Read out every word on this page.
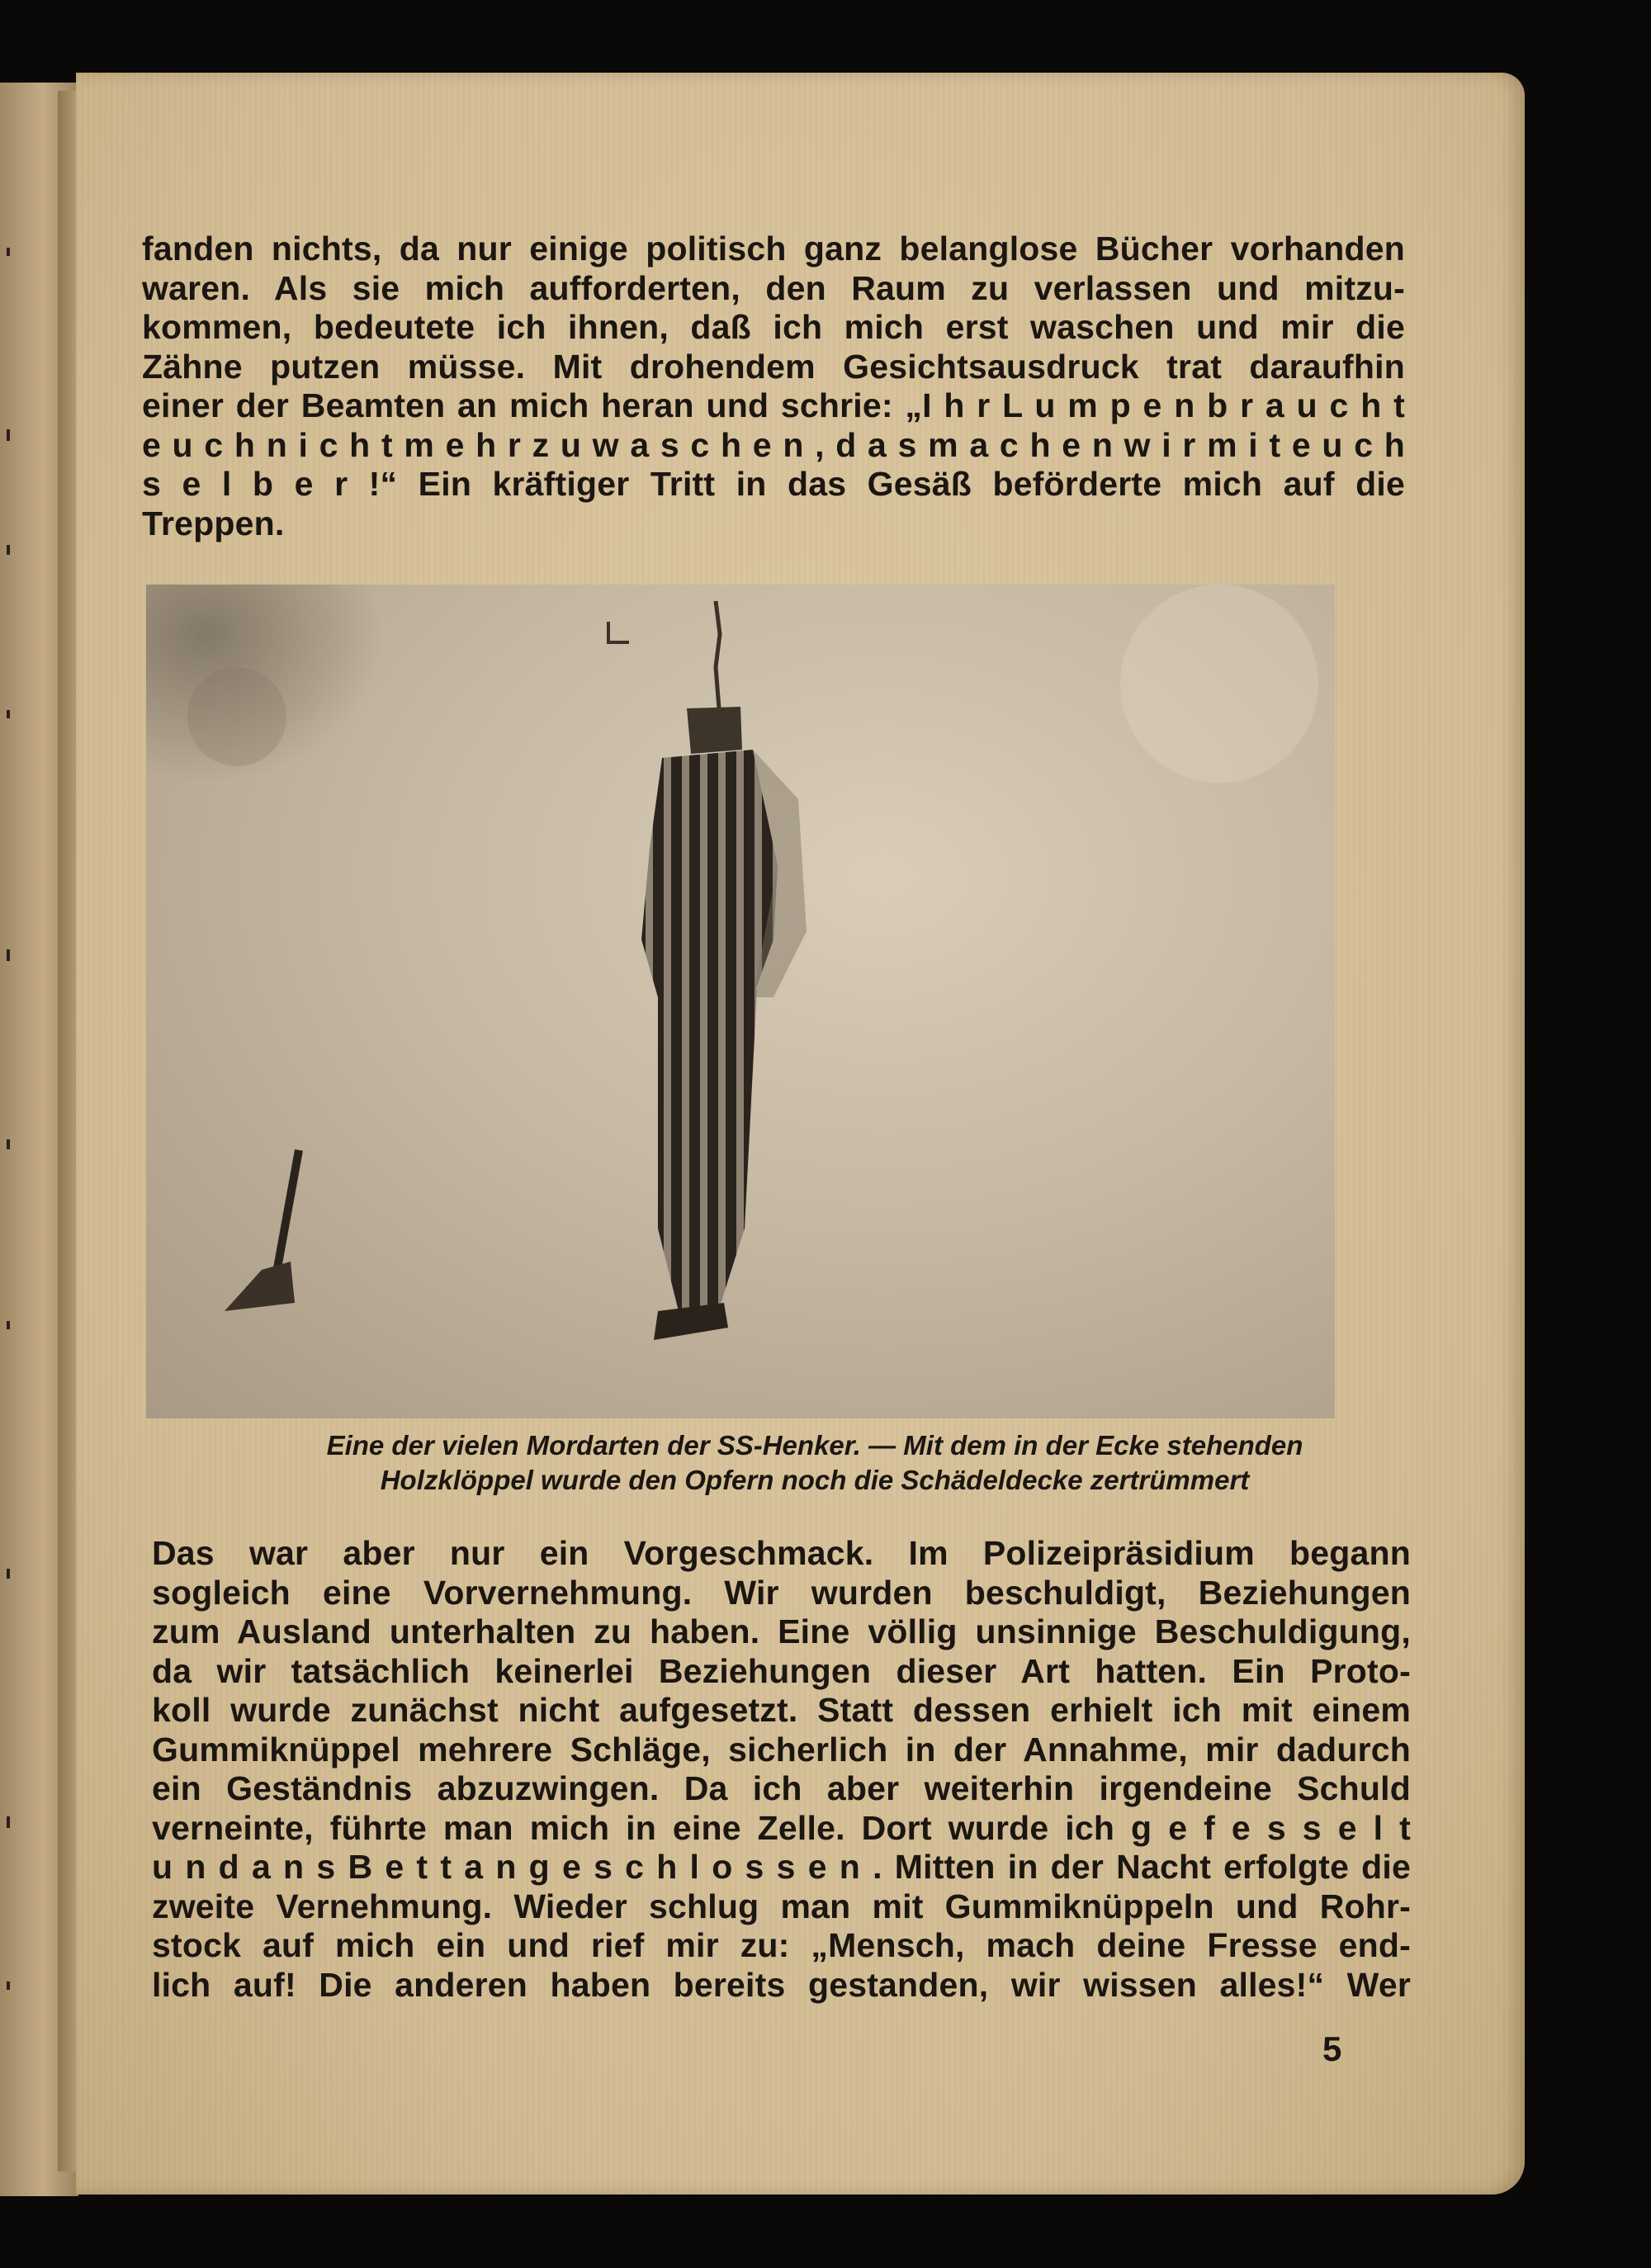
fanden nichts, da nur einige politisch ganz belanglose Bücher vorhanden

waren. Als sie mich aufforderten, den Raum zu verlassen und mitzu-

kommen, bedeutete ich ihnen, daß ich mich erst waschen und mir die

Zähne putzen müsse. Mit drohendem Gesichtsausdruck trat daraufhin

einer der Beamten an mich heran und schrie: „I h r L u m p e n b r a u c h t

e u c h n i c h t m e h r z u w a s c h e n , d a s m a c h e n w i r m i t e u c h

s e l b e r !“ Ein kräftiger Tritt in das Gesäß beförderte mich auf die

Treppen.

Eine der vielen Mordarten der SS-Henker. — Mit dem in der Ecke stehenden

Holzklöppel wurde den Opfern noch die Schädeldecke zertrümmert

Das war aber nur ein Vorgeschmack. Im Polizeipräsidium begann

sogleich eine Vorvernehmung. Wir wurden beschuldigt, Beziehungen

zum Ausland unterhalten zu haben. Eine völlig unsinnige Beschuldigung,

da wir tatsächlich keinerlei Beziehungen dieser Art hatten. Ein Proto-

koll wurde zunächst nicht aufgesetzt. Statt dessen erhielt ich mit einem

Gummiknüppel mehrere Schläge, sicherlich in der Annahme, mir dadurch

ein Geständnis abzuzwingen. Da ich aber weiterhin irgendeine Schuld

verneinte, führte man mich in eine Zelle. Dort wurde ich g e f e s s e l t

u n d a n s B e t t a n g e s c h l o s s e n . Mitten in der Nacht erfolgte die

zweite Vernehmung. Wieder schlug man mit Gummiknüppeln und Rohr-

stock auf mich ein und rief mir zu: „Mensch, mach deine Fresse end-

lich auf! Die anderen haben bereits gestanden, wir wissen alles!“ Wer

5
